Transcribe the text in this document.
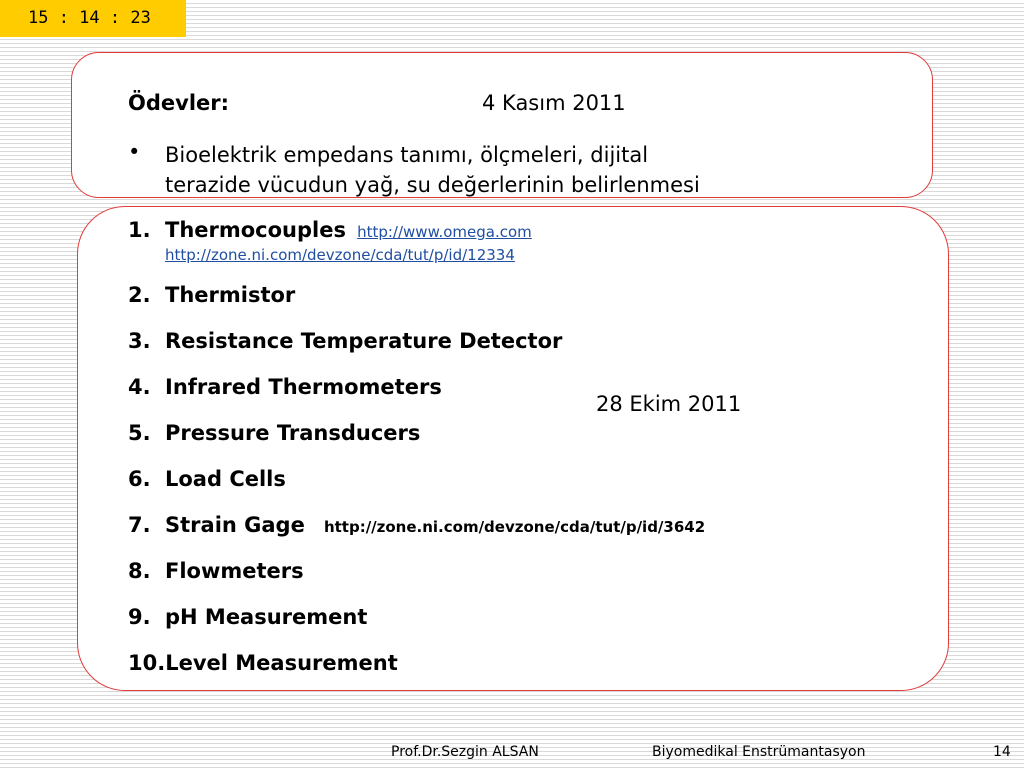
15 : 14 : 23
Ödevler:	4 Kasım 2011
• Bioelektrik empedans tanımı, ölçmeleri, dijital
terazide vücudun yağ, su değerlerinin belirlenmesi
1. Thermocouples http://www.omega.com
http://zone.ni.com/devzone/cda/tut/p/id/12334
2. Thermistor
3. Resistance Temperature Detector
4. Infrared Thermometers
28 Ekim 2011
5. Pressure Transducers
6. Load Cells
7. Strain Gage http://zone.ni.com/devzone/cda/tut/p/id/3642
8. Flowmeters
9. pH Measurement
10.Level Measurement
Prof.Dr.Sezgin ALSAN	Biyomedikal Enstrümantasyon	14
